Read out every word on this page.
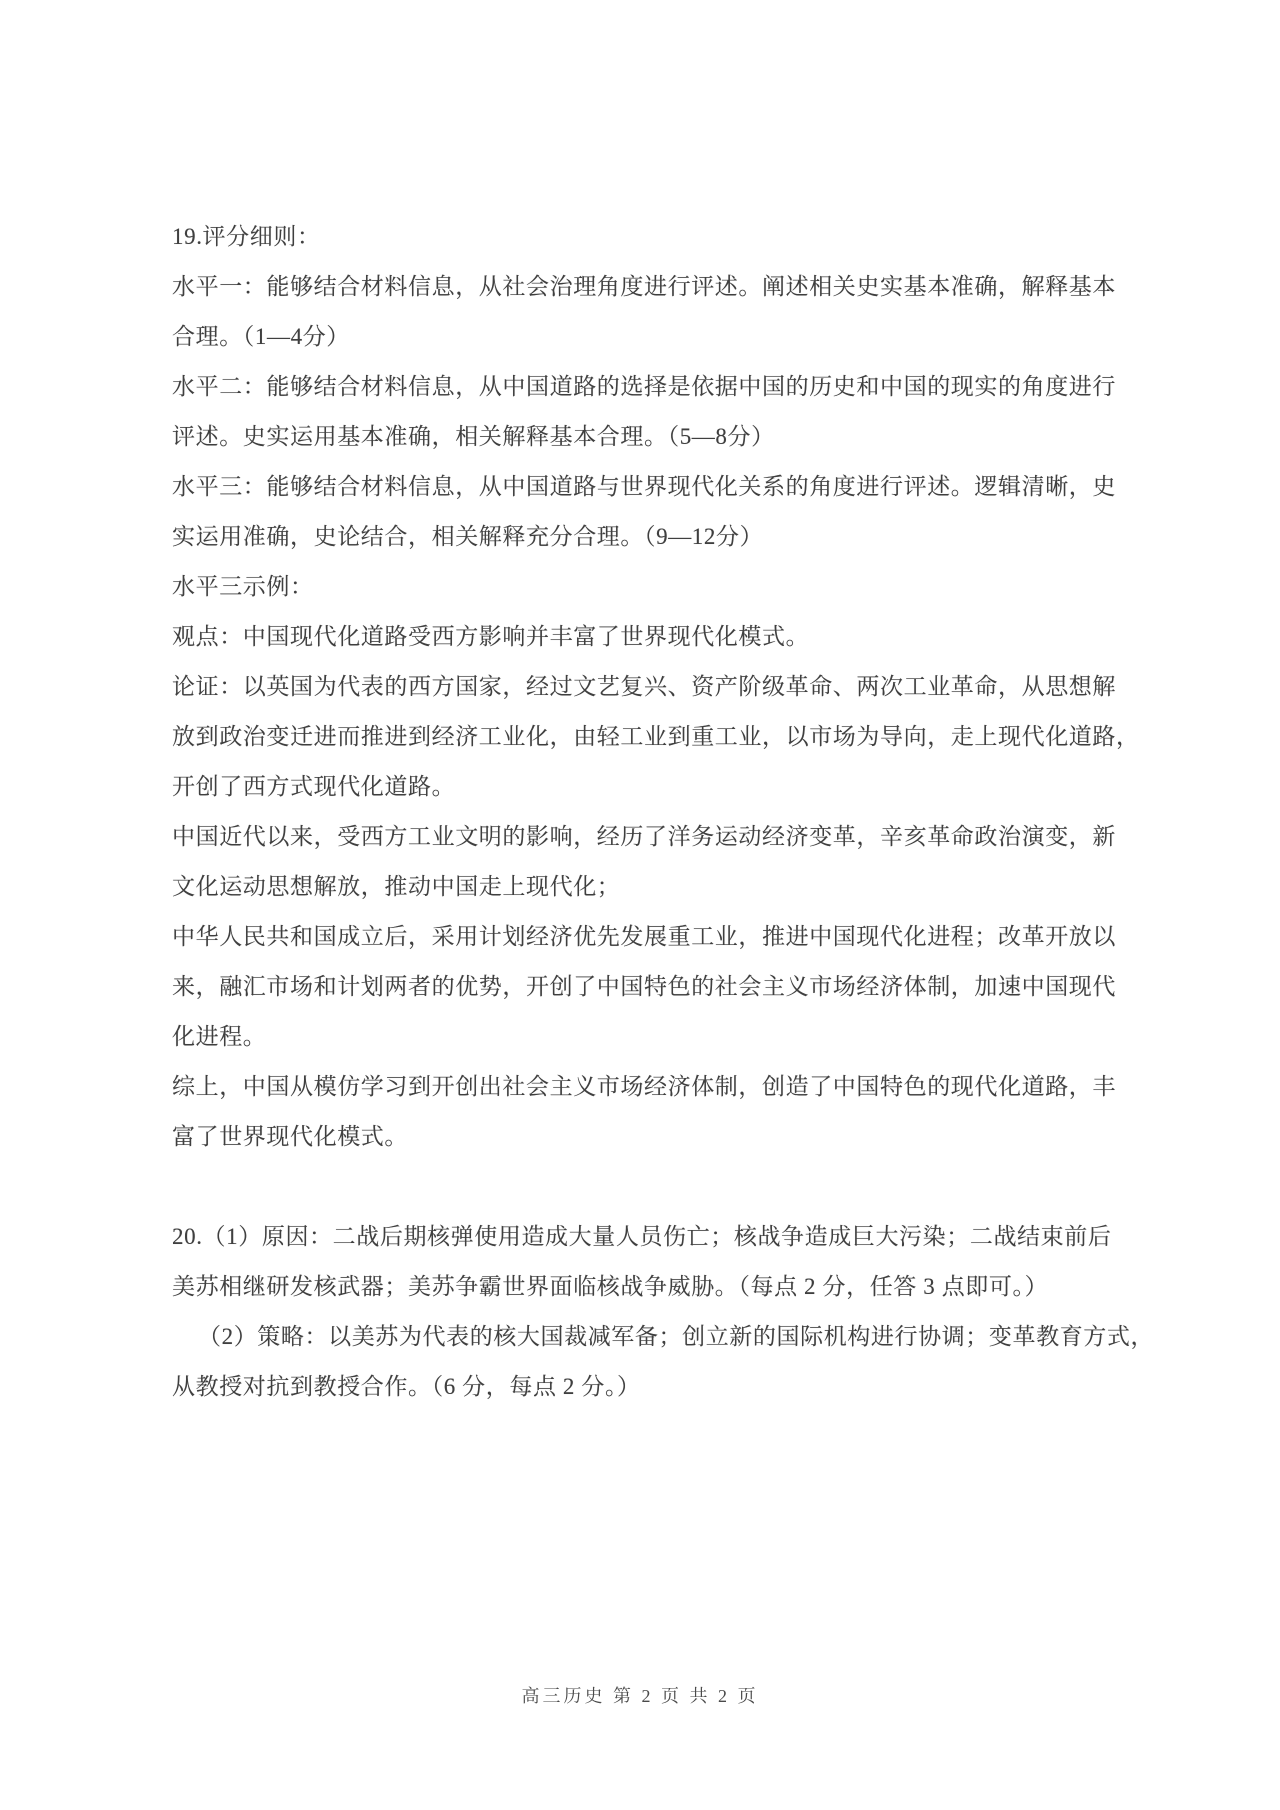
19.评分细则：
水平一：能够结合材料信息，从社会治理角度进行评述。阐述相关史实基本准确，解释基本
合理。（1—4分）
水平二：能够结合材料信息，从中国道路的选择是依据中国的历史和中国的现实的角度进行
评述。史实运用基本准确，相关解释基本合理。（5—8分）
水平三：能够结合材料信息，从中国道路与世界现代化关系的角度进行评述。逻辑清晰，史
实运用准确，史论结合，相关解释充分合理。（9—12分）
水平三示例：
观点：中国现代化道路受西方影响并丰富了世界现代化模式。
论证：以英国为代表的西方国家，经过文艺复兴、资产阶级革命、两次工业革命，从思想解
放到政治变迁进而推进到经济工业化，由轻工业到重工业，以市场为导向，走上现代化道路，
开创了西方式现代化道路。
中国近代以来，受西方工业文明的影响，经历了洋务运动经济变革，辛亥革命政治演变，新
文化运动思想解放，推动中国走上现代化；
中华人民共和国成立后，采用计划经济优先发展重工业，推进中国现代化进程；改革开放以
来，融汇市场和计划两者的优势，开创了中国特色的社会主义市场经济体制，加速中国现代
化进程。
综上，中国从模仿学习到开创出社会主义市场经济体制，创造了中国特色的现代化道路，丰
富了世界现代化模式。
20.（1）原因：二战后期核弹使用造成大量人员伤亡；核战争造成巨大污染；二战结束前后
美苏相继研发核武器；美苏争霸世界面临核战争威胁。（每点 2 分，任答 3 点即可。）
（2）策略：以美苏为代表的核大国裁减军备；创立新的国际机构进行协调；变革教育方式，
从教授对抗到教授合作。（6 分，每点 2 分。）
高三历史 第 2 页 共 2 页
